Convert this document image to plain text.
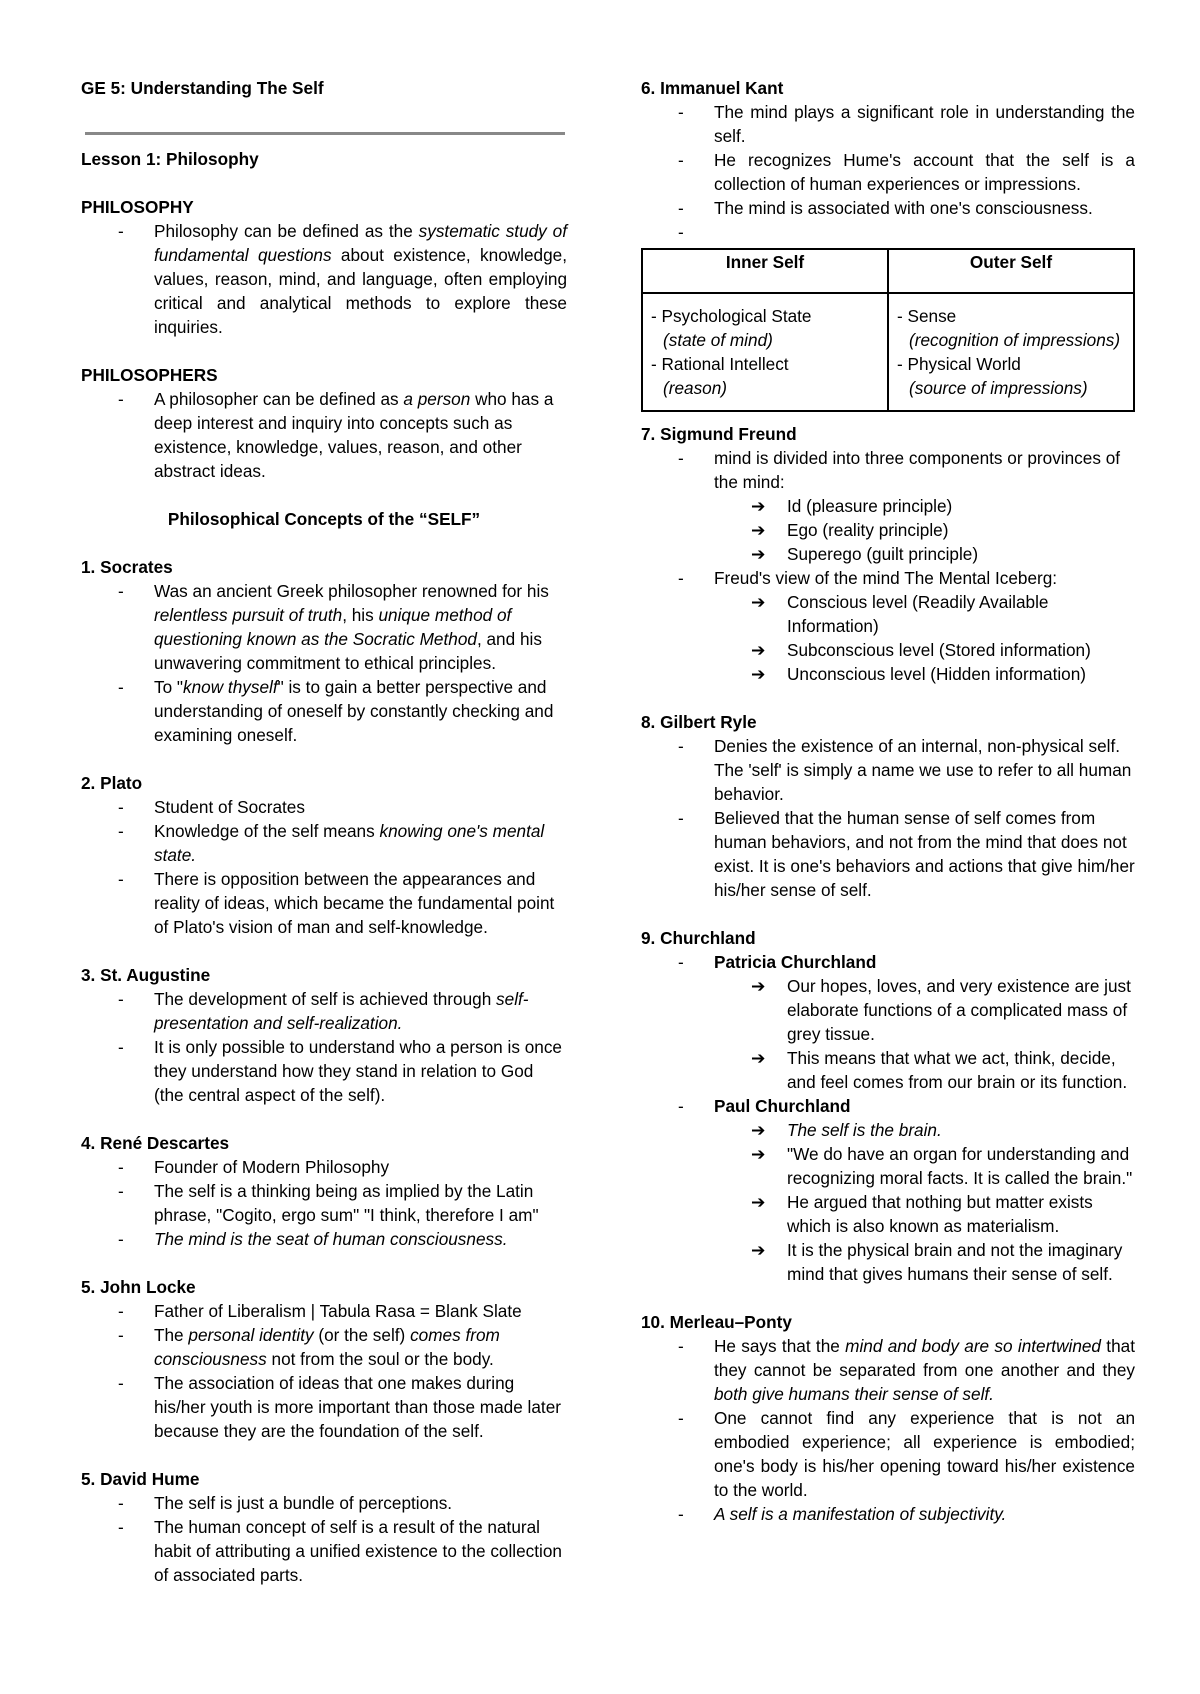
GE 5: Understanding The Self
Lesson 1: Philosophy
PHILOSOPHY
- Philosophy can be defined as the systematic study of fundamental questions about existence, knowledge, values, reason, mind, and language, often employing critical and analytical methods to explore these inquiries.
PHILOSOPHERS
- A philosopher can be defined as a person who has a deep interest and inquiry into concepts such as existence, knowledge, values, reason, and other abstract ideas.
Philosophical Concepts of the “SELF”
1. Socrates
- Was an ancient Greek philosopher renowned for his relentless pursuit of truth, his unique method of questioning known as the Socratic Method, and his unwavering commitment to ethical principles.
- To "know thyself" is to gain a better perspective and understanding of oneself by constantly checking and examining oneself.
2. Plato
- Student of Socrates
- Knowledge of the self means knowing one's mental state.
- There is opposition between the appearances and reality of ideas, which became the fundamental point of Plato's vision of man and self-knowledge.
3. St. Augustine
- The development of self is achieved through self-presentation and self-realization.
- It is only possible to understand who a person is once they understand how they stand in relation to God (the central aspect of the self).
4. René Descartes
- Founder of Modern Philosophy
- The self is a thinking being as implied by the Latin phrase, "Cogito, ergo sum" "I think, therefore I am"
- The mind is the seat of human consciousness.
5. John Locke
- Father of Liberalism | Tabula Rasa = Blank Slate
- The personal identity (or the self) comes from consciousness not from the soul or the body.
- The association of ideas that one makes during his/her youth is more important than those made later because they are the foundation of the self.
5. David Hume
- The self is just a bundle of perceptions.
- The human concept of self is a result of the natural habit of attributing a unified existence to the collection of associated parts.
6. Immanuel Kant
- The mind plays a significant role in understanding the self.
- He recognizes Hume's account that the self is a collection of human experiences or impressions.
- The mind is associated with one's consciousness.
-
Inner Self	Outer Self

- Psychological State
(state of mind)
- Rational Intellect
(reason)	- Sense
(recognition of impressions)
- Physical World
(source of impressions)
7. Sigmund Freund
- mind is divided into three components or provinces of the mind:
➔ Id (pleasure principle)
➔ Ego (reality principle)
➔ Superego (guilt principle)
- Freud's view of the mind The Mental Iceberg:
➔ Conscious level (Readily Available Information)
➔ Subconscious level (Stored information)
➔ Unconscious level (Hidden information)
8. Gilbert Ryle
- Denies the existence of an internal, non-physical self. The 'self' is simply a name we use to refer to all human behavior.
- Believed that the human sense of self comes from human behaviors, and not from the mind that does not exist. It is one's behaviors and actions that give him/her his/her sense of self.
9. Churchland
- Patricia Churchland
➔ Our hopes, loves, and very existence are just elaborate functions of a complicated mass of grey tissue.
➔ This means that what we act, think, decide, and feel comes from our brain or its function.
- Paul Churchland
➔ The self is the brain.
➔ "We do have an organ for understanding and recognizing moral facts. It is called the brain."
➔ He argued that nothing but matter exists which is also known as materialism.
➔ It is the physical brain and not the imaginary mind that gives humans their sense of self.
10. Merleau–Ponty
- He says that the mind and body are so intertwined that they cannot be separated from one another and they both give humans their sense of self.
- One cannot find any experience that is not an embodied experience; all experience is embodied; one's body is his/her opening toward his/her existence to the world.
- A self is a manifestation of subjectivity.
